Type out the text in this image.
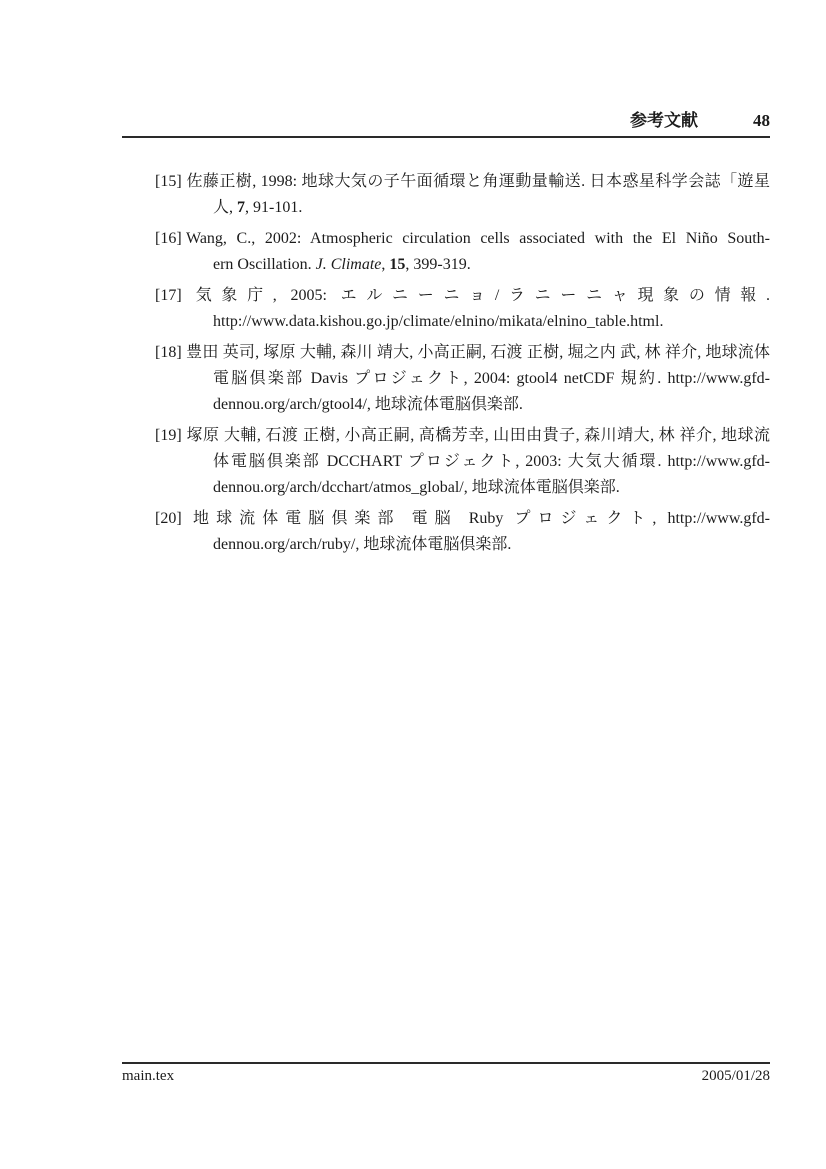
参考文献	48
[15] 佐藤正樹, 1998: 地球大気の子午面循環と角運動量輸送. 日本惑星科学会誌「遊星
人, 7, 91-101.
[16] Wang, C., 2002: Atmospheric circulation cells associated with the El Niño South-
ern Oscillation. J. Climate, 15, 399-319.
[17] 気象庁, 2005: エルニーニョ/ラニーニャ現象の情報.
http://www.data.kishou.go.jp/climate/elnino/mikata/elnino_table.html.
[18] 豊田 英司, 塚原 大輔, 森川 靖大, 小高正嗣, 石渡 正樹, 堀之内 武, 林 祥介, 地球流体
電脳倶楽部 Davis プロジェクト, 2004: gtool4 netCDF 規約. http://www.gfd-
dennou.org/arch/gtool4/, 地球流体電脳倶楽部.
[19] 塚原 大輔, 石渡 正樹, 小高正嗣, 高橋芳幸, 山田由貴子, 森川靖大, 林 祥介, 地球流
体電脳倶楽部 DCCHART プロジェクト, 2003: 大気大循環. http://www.gfd-
dennou.org/arch/dcchart/atmos_global/, 地球流体電脳倶楽部.
[20] 地球流体電脳倶楽部 電脳 Ruby プロジェクト, http://www.gfd-
dennou.org/arch/ruby/, 地球流体電脳倶楽部.
main.tex	2005/01/28
